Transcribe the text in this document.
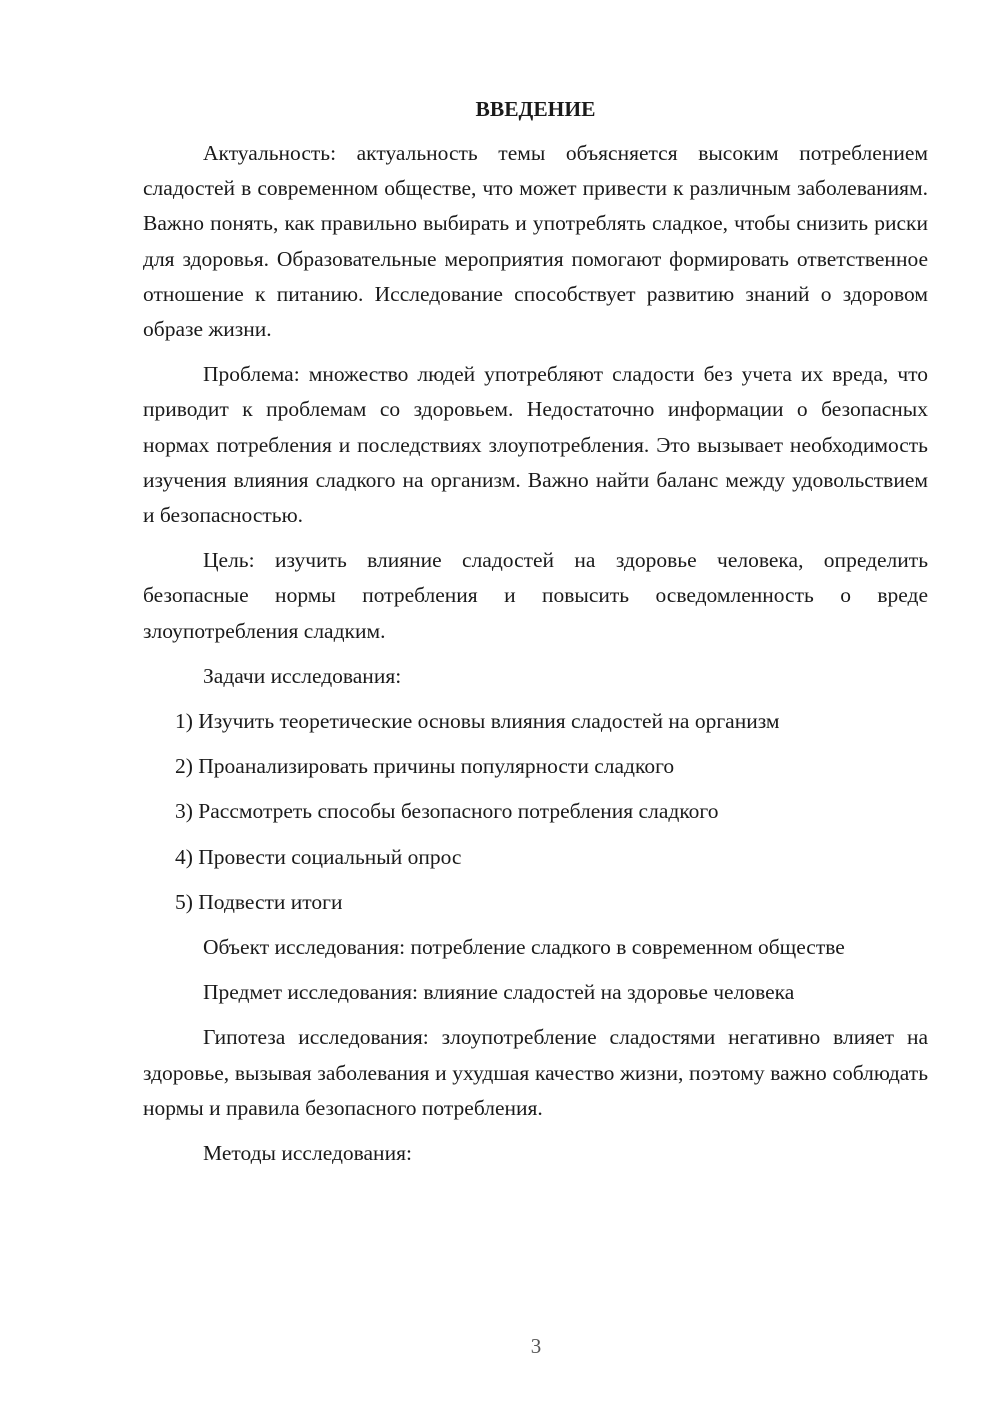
ВВЕДЕНИЕ

Актуальность: актуальность темы объясняется высоким потреблением сладостей в современном обществе, что может привести к различным заболеваниям. Важно понять, как правильно выбирать и употреблять сладкое, чтобы снизить риски для здоровья. Образовательные мероприятия помогают формировать ответственное отношение к питанию. Исследование способствует развитию знаний о здоровом образе жизни.

Проблема: множество людей употребляют сладости без учета их вреда, что приводит к проблемам со здоровьем. Недостаточно информации о безопасных нормах потребления и последствиях злоупотребления. Это вызывает необходимость изучения влияния сладкого на организм. Важно найти баланс между удовольствием и безопасностью.

Цель: изучить влияние сладостей на здоровье человека, определить безопасные нормы потребления и повысить осведомленность о вреде злоупотребления сладким.

Задачи исследования:

1) Изучить теоретические основы влияния сладостей на организм
2) Проанализировать причины популярности сладкого
3) Рассмотреть способы безопасного потребления сладкого
4) Провести социальный опрос
5) Подвести итоги

Объект исследования: потребление сладкого в современном обществе

Предмет исследования: влияние сладостей на здоровье человека

Гипотеза исследования: злоупотребление сладостями негативно влияет на здоровье, вызывая заболевания и ухудшая качество жизни, поэтому важно соблюдать нормы и правила безопасного потребления.

Методы исследования:

3
